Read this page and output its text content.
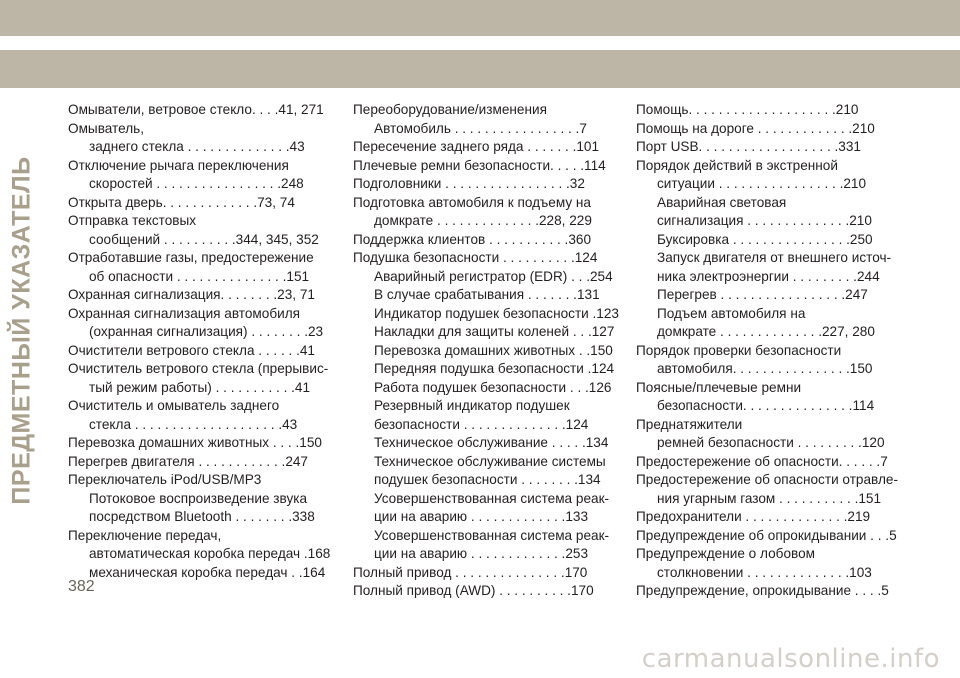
ПРЕДМЕТНЫЙ УКАЗАТЕЛЬ
Омыватели, ветровое стекло. . . .41, 271
Омыватель,
заднего стекла . . . . . . . . . . . . . .43
Отключение рычага переключения
скоростей . . . . . . . . . . . . . . . . .248
Открыта дверь. . . . . . . . . . . . .73, 74
Отправка текстовых
сообщений . . . . . . . . . .344, 345, 352
Отработавшие газы, предостережение
об опасности . . . . . . . . . . . . . . .151
Охранная сигнализация. . . . . . . .23, 71
Охранная сигнализация автомобиля
(охранная сигнализация) . . . . . . . .23
Очистители ветрового стекла . . . . . .41
Очиститель ветрового стекла (прерывис-
тый режим работы) . . . . . . . . . . .41
Очиститель и омыватель заднего
стекла . . . . . . . . . . . . . . . . . . . .43
Перевозка домашних животных . . . .150
Перегрев двигателя . . . . . . . . . . . .247
Переключатель iPod/USB/MP3
Потоковое воспроизведение звука
посредством Bluetooth . . . . . . . .338
Переключение передач,
автоматическая коробка передач .168
механическая коробка передач . .164
Переоборудование/изменения
Автомобиль . . . . . . . . . . . . . . . . .7
Пересечение заднего ряда . . . . . . .101
Плечевые ремни безопасности. . . . .114
Подголовники . . . . . . . . . . . . . . . . .32
Подготовка автомобиля к подъему на
домкрате . . . . . . . . . . . . . .228, 229
Поддержка клиентов . . . . . . . . . . .360
Подушка безопасности . . . . . . . . . .124
Аварийный регистратор (EDR) . . .254
В случае срабатывания . . . . . . .131
Индикатор подушек безопасности .123
Накладки для защиты коленей . . .127
Перевозка домашних животных . .150
Передняя подушка безопасности .124
Работа подушек безопасности . . .126
Резервный индикатор подушек
безопасности . . . . . . . . . . . . . .124
Техническое обслуживание . . . . .134
Техническое обслуживание системы
подушек безопасности . . . . . . . .134
Усовершенствованная система реак-
ции на аварию . . . . . . . . . . . . .133
Усовершенствованная система реак-
ции на аварию . . . . . . . . . . . . .253
Полный привод . . . . . . . . . . . . . . .170
Полный привод (AWD) . . . . . . . . . .170
Помощь. . . . . . . . . . . . . . . . . . . .210
Помощь на дороге . . . . . . . . . . . . .210
Порт USB. . . . . . . . . . . . . . . . . . .331
Порядок действий в экстренной
ситуации . . . . . . . . . . . . . . . . .210
Аварийная световая
сигнализация . . . . . . . . . . . . . .210
Буксировка . . . . . . . . . . . . . . . .250
Запуск двигателя от внешнего источ-
ника электроэнергии . . . . . . . . .244
Перегрев . . . . . . . . . . . . . . . . .247
Подъем автомобиля на
домкрате . . . . . . . . . . . . . .227, 280
Порядок проверки безопасности
автомобиля. . . . . . . . . . . . . . . .150
Поясные/плечевые ремни
безопасности. . . . . . . . . . . . . . .114
Преднатяжители
ремней безопасности . . . . . . . . .120
Предостережение об опасности. . . . . .7
Предостережение об опасности отравле-
ния угарным газом . . . . . . . . . . .151
Предохранители . . . . . . . . . . . . . .219
Предупреждение об опрокидывании . . .5
Предупреждение о лобовом
столкновении . . . . . . . . . . . . . .103
Предупреждение, опрокидывание . . . .5
382
carmanualsonline.info
